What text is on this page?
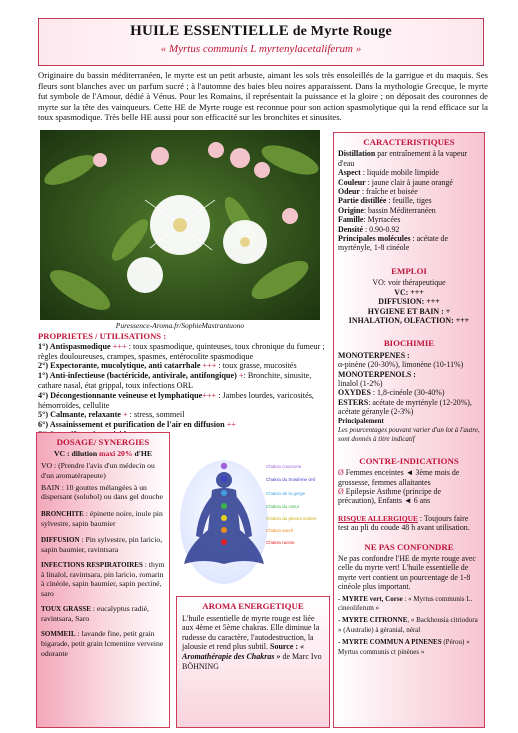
HUILE ESSENTIELLE de Myrte Rouge
« Myrtus communis L myrtenylacetaliferum »
Originaire du bassin méditerranéen, le myrte est un petit arbuste, aimant les sols très ensoleillés de la garrigue et du maquis. Ses fleurs sont blanches avec un parfum sucré ; à l'automne des baies bleu noires apparaissent. Dans la mythologie Grecque, le myrte fut symbole de l'Amour, dédié à Vénus. Pour les Romains, il représentait la puissance et la gloire ; on déposait des couronnes de myrte sur la tête des vainqueurs. Cette HE de Myrte rouge est reconnue pour son action spasmolytique qui la rend efficace sur la toux spasmodique. Très belle HE aussi pour son efficacité sur les bronchites et sinusites.
Puressence-Aroma.fr/SophieMastrantuono
PROPRIETES / UTILISATIONS :
1°) Antispasmodique +++ : toux spasmodique, quinteuses, toux chronique du fumeur ; règles douloureuses, crampes, spasmes, entérocolite spasmodique
2°) Expectorante, mucolytique, anti catarrhale +++ : toux grasse, mucosités
1°) Anti-infectieuse (bactéricide, antivirale, antifongique) +: Bronchite, sinusite, cathare nasal, état grippal, toux infections ORL
4°) Décongestionnante veineuse et lymphatique+++ : Jambes lourdes, varicosités, hémorroïdes, cellulite
5°) Calmante, relaxante + : stress, sommeil
6°) Assainissement et purification de l'air en diffusion ++
CARACTERISTIQUES

Distillation par entraînement à la vapeur d'eau

Aspect : liquide mobile limpide

Couleur : jaune clair à jaune orangé

Odeur : fraîche et boisée

Partie distillée : feuille, tiges

Origine: bassin Méditerranéen

Famille: Myrtacées

Densité : 0.90-0.92

Principales molécules : acétate de myrtényle, 1-8 cinéole

EMPLOI

VO: voir thérapeutique

VC: +++

DIFFUSION: +++

HYGIENE ET BAIN : +

INHALATION, OLFACTION: +++

BIOCHIMIE

MONOTERPENES :
α-pinène (20-30%), limonène (10-11%)

MONOTERPENOLS :
linalol (1-2%)

OXYDES : 1,8-cinéole (30-40%)

ESTERS: acétate de myrtényle (12-20%), acétate géranyle (2-3%)

Principalement

Les pourcentages pouvant varier d'un lot à l'autre, sont donnés à titre indicatif

CONTRE-INDICATIONS

Ø Femmes enceintes ◄ 3ème mois de grossesse, femmes allaitantes

Ø Epilepsie Asthme (principe de précaution), Enfants ◄ 6 ans

RISQUE ALLERGIQUE : Toujours faire test au pli du coude 48 h avant utilisation.

NE PAS CONFONDRE

Ne pas confondre l'HE de myrte rouge avec celle du myrte vert! L'huile essentielle de myrte vert contient un pourcentage de 1-8 cinéole plus important.

- MYRTE vert, Corse : « Myrtus communis L. cineoliferum »

- MYRTE CITRONNE, « Backhousia citriodora » (Australie) à géranial, néral

- MYRTE COMMUN A PINENES (Pérou) « Myrtus communis ct pinènes »

DOSAGE/ SYNERGIES

VC : dilution maxi 20% d'HE

VO : (Prendre l'avis d'un médecin ou d'un aromatérapeute)

BAIN : 10 gouttes mélangées à un dispersant (solubol) ou dans gel douche

BRONCHITE : épinette noire, inule pin sylvestre, sapin baumier

DIFFUSION : Pin sylvestre, pin laricio, sapin baumier, ravintsara

INFECTIONS RESPIRATOIRES : thym à linalol, ravintsara, pin laricio, romarin à cinéole, sapin baumier, sapin pectiné, saro

TOUX GRASSE : eucalyptus radié, ravintsara, Saro

SOMMEIL : lavande fine, petit grain bigarade, petit grain lcmentine verveine odorante

Chakra couronne
Chakra du troisième œil
Chakra de la gorge
Chakra du cœur
Chakra du plexus solaire
Chakra sacré
Chakra racine
AROMA ENERGETIQUE
L'huile essentielle de myrte rouge est liée aux 4ème et 5ème chakras. Elle diminue la rudesse du caractère, l'autodestruction, la jalousie et rend plus subtil. Source : « Aromathérapie des Chakras » de Marc Ivo BÖHNING
